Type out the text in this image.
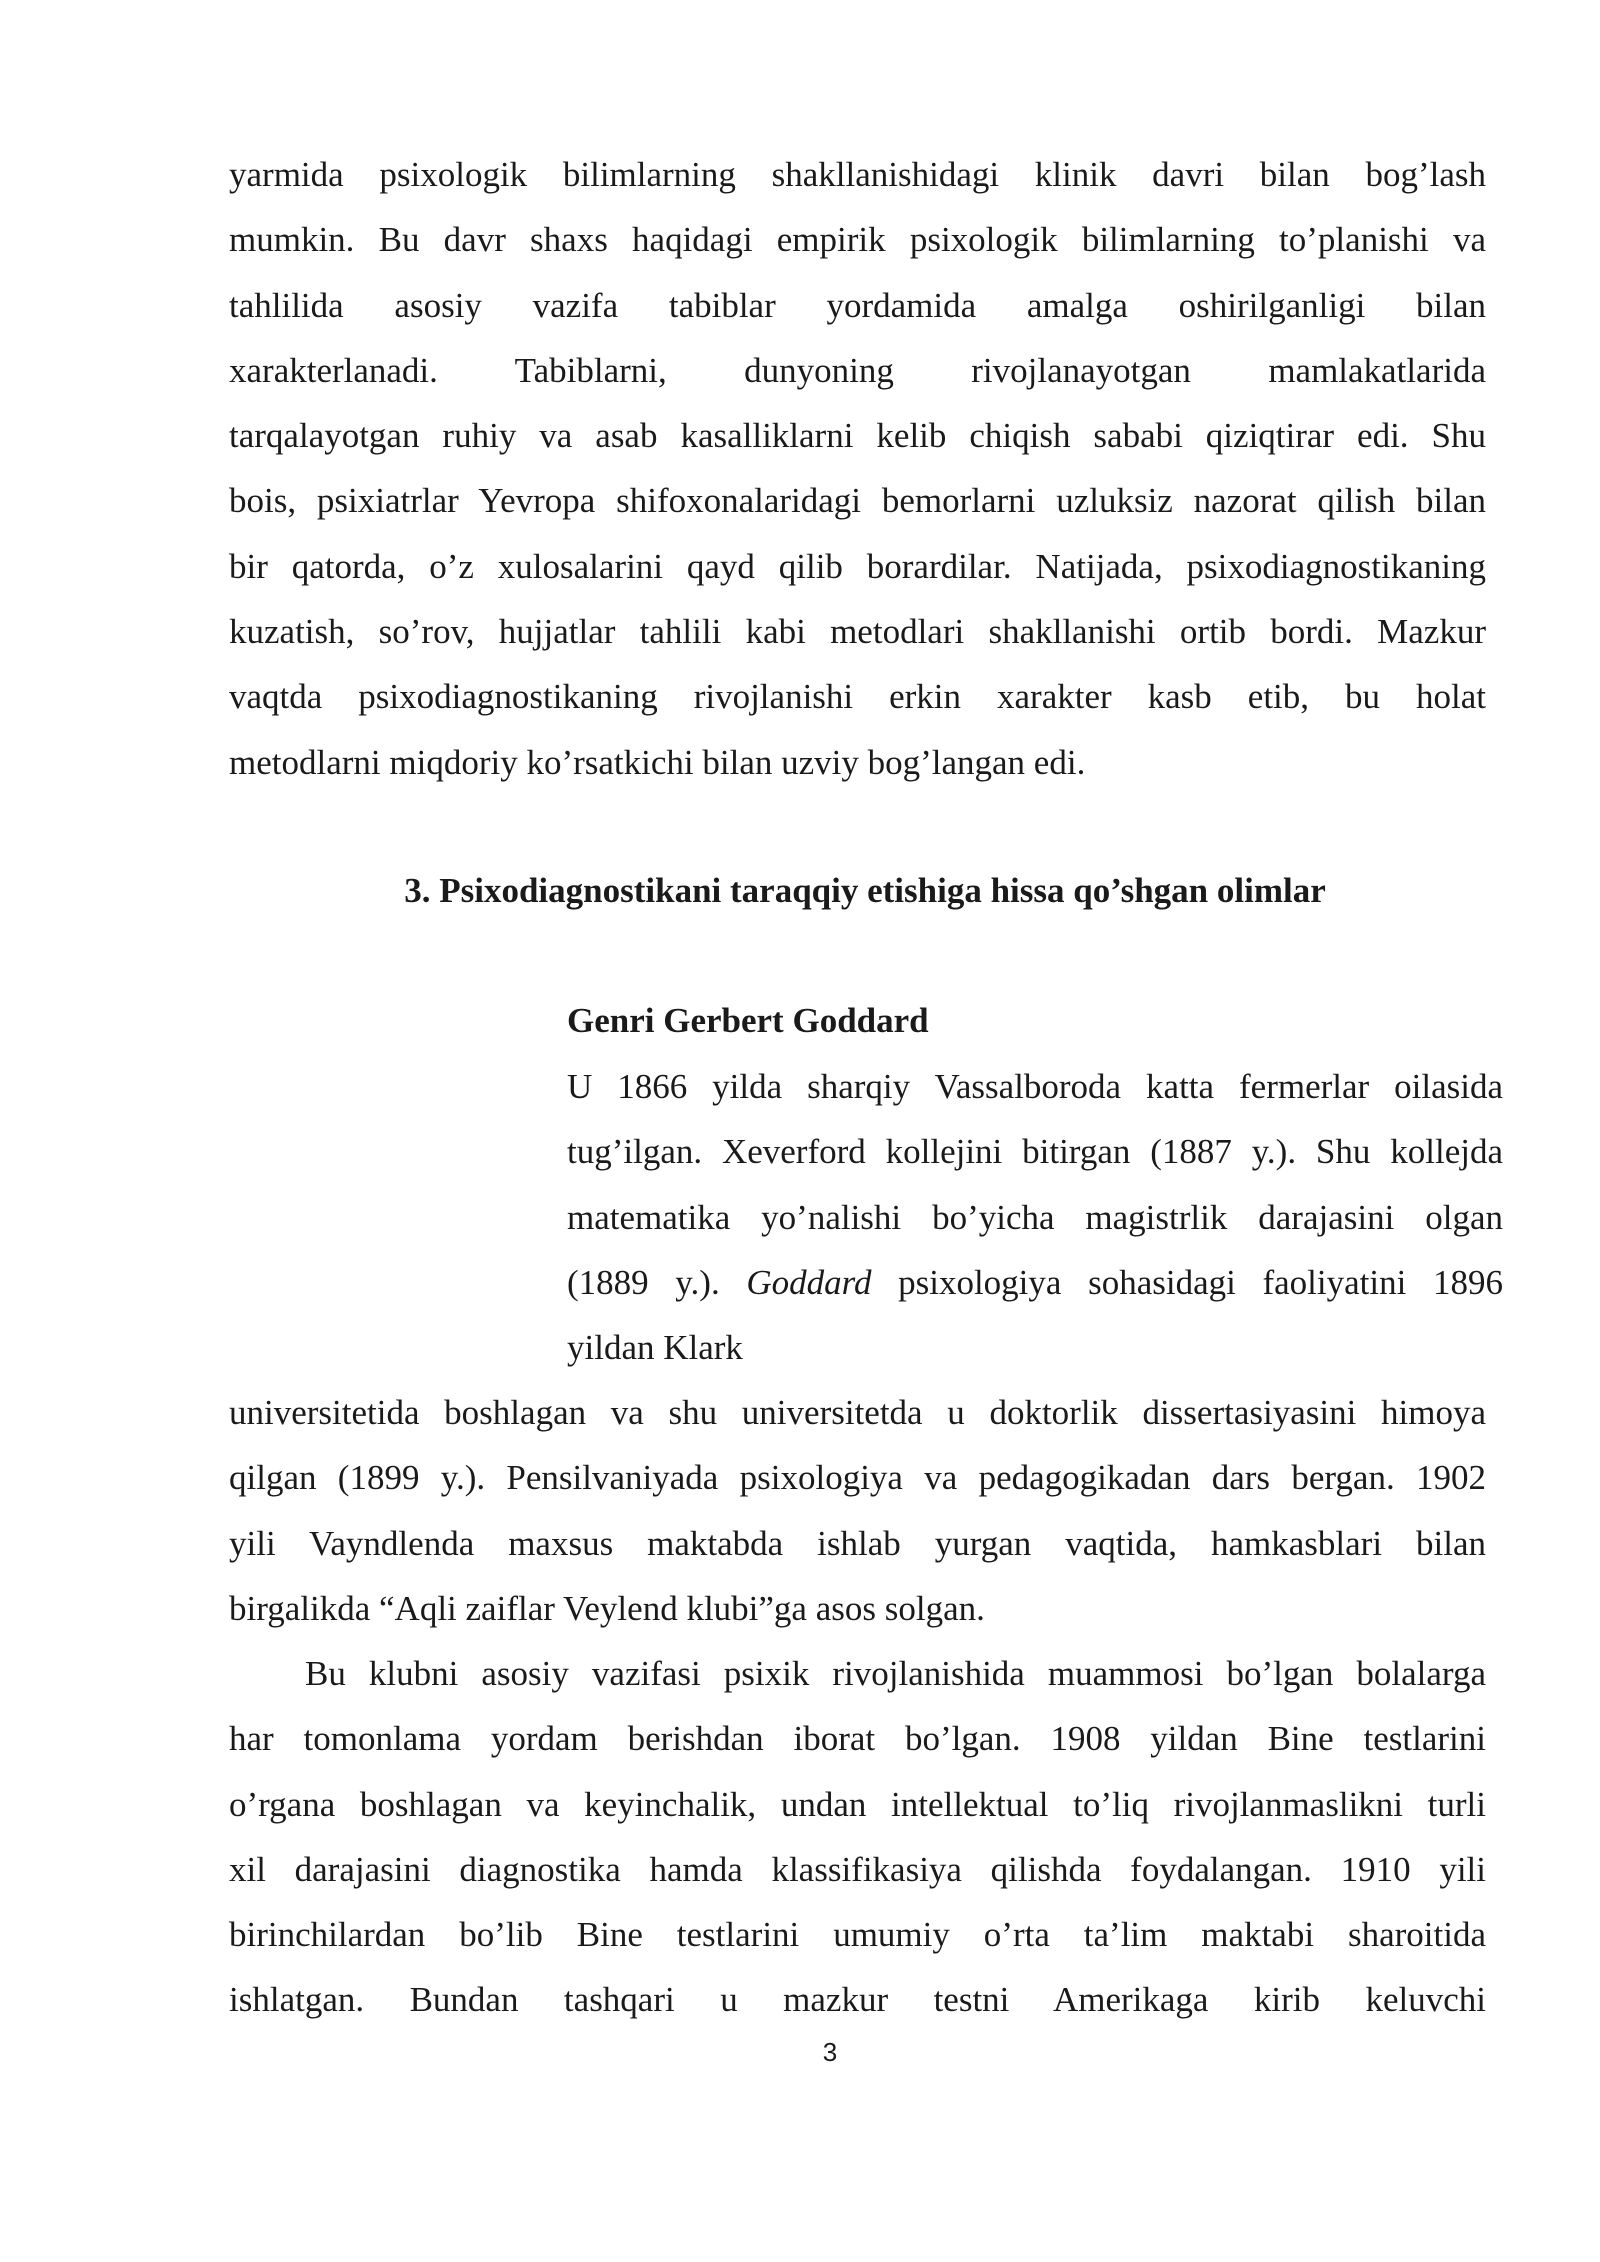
yarmida psixologik bilimlarning shakllanishidagi klinik davri bilan bog’lash
mumkin. Bu davr shaxs haqidagi empirik psixologik bilimlarning to’planishi va
tahlilida asosiy vazifa tabiblar yordamida amalga oshirilganligi bilan
xarakterlanadi. Tabiblarni, dunyoning rivojlanayotgan mamlakatlarida
tarqalayotgan ruhiy va asab kasalliklarni kelib chiqish sababi qiziqtirar edi. Shu
bois, psixiatrlar Yevropa shifoxonalaridagi bemorlarni uzluksiz nazorat qilish bilan
bir qatorda, o’z xulosalarini qayd qilib borardilar. Natijada, psixodiagnostikaning
kuzatish, so’rov, hujjatlar tahlili kabi metodlari shakllanishi ortib bordi. Mazkur
vaqtda psixodiagnostikaning rivojlanishi erkin xarakter kasb etib, bu holat
metodlarni miqdoriy ko’rsatkichi bilan uzviy bog’langan edi.
3. Psixodiagnostikani taraqqiy etishiga hissa qo’shgan olimlar
Genri Gerbert Goddard
U 1866 yilda sharqiy Vassalboroda katta fermerlar oilasida
tug’ilgan. Xeverford kollejini bitirgan (1887 y.). Shu kollejda
matematika yo’nalishi bo’yicha magistrlik darajasini olgan
(1889 y.). Goddard psixologiya sohasidagi faoliyatini 1896
yildan Klark
universitetida boshlagan va shu universitetda u doktorlik dissertasiyasini himoya
qilgan (1899 y.). Pensilvaniyada psixologiya va pedagogikadan dars bergan. 1902
yili Vayndlenda maxsus maktabda ishlab yurgan vaqtida, hamkasblari bilan
birgalikda “Aqli zaiflar Veylend klubi”ga asos solgan.
Bu klubni asosiy vazifasi psixik rivojlanishida muammosi bo’lgan bolalarga
har tomonlama yordam berishdan iborat bo’lgan. 1908 yildan Bine testlarini
o’rgana boshlagan va keyinchalik, undan intellektual to’liq rivojlanmaslikni turli
xil darajasini diagnostika hamda klassifikasiya qilishda foydalangan. 1910 yili
birinchilardan bo’lib Bine testlarini umumiy o’rta ta’lim maktabi sharoitida
ishlatgan. Bundan tashqari u mazkur testni Amerikaga kirib keluvchi
3
